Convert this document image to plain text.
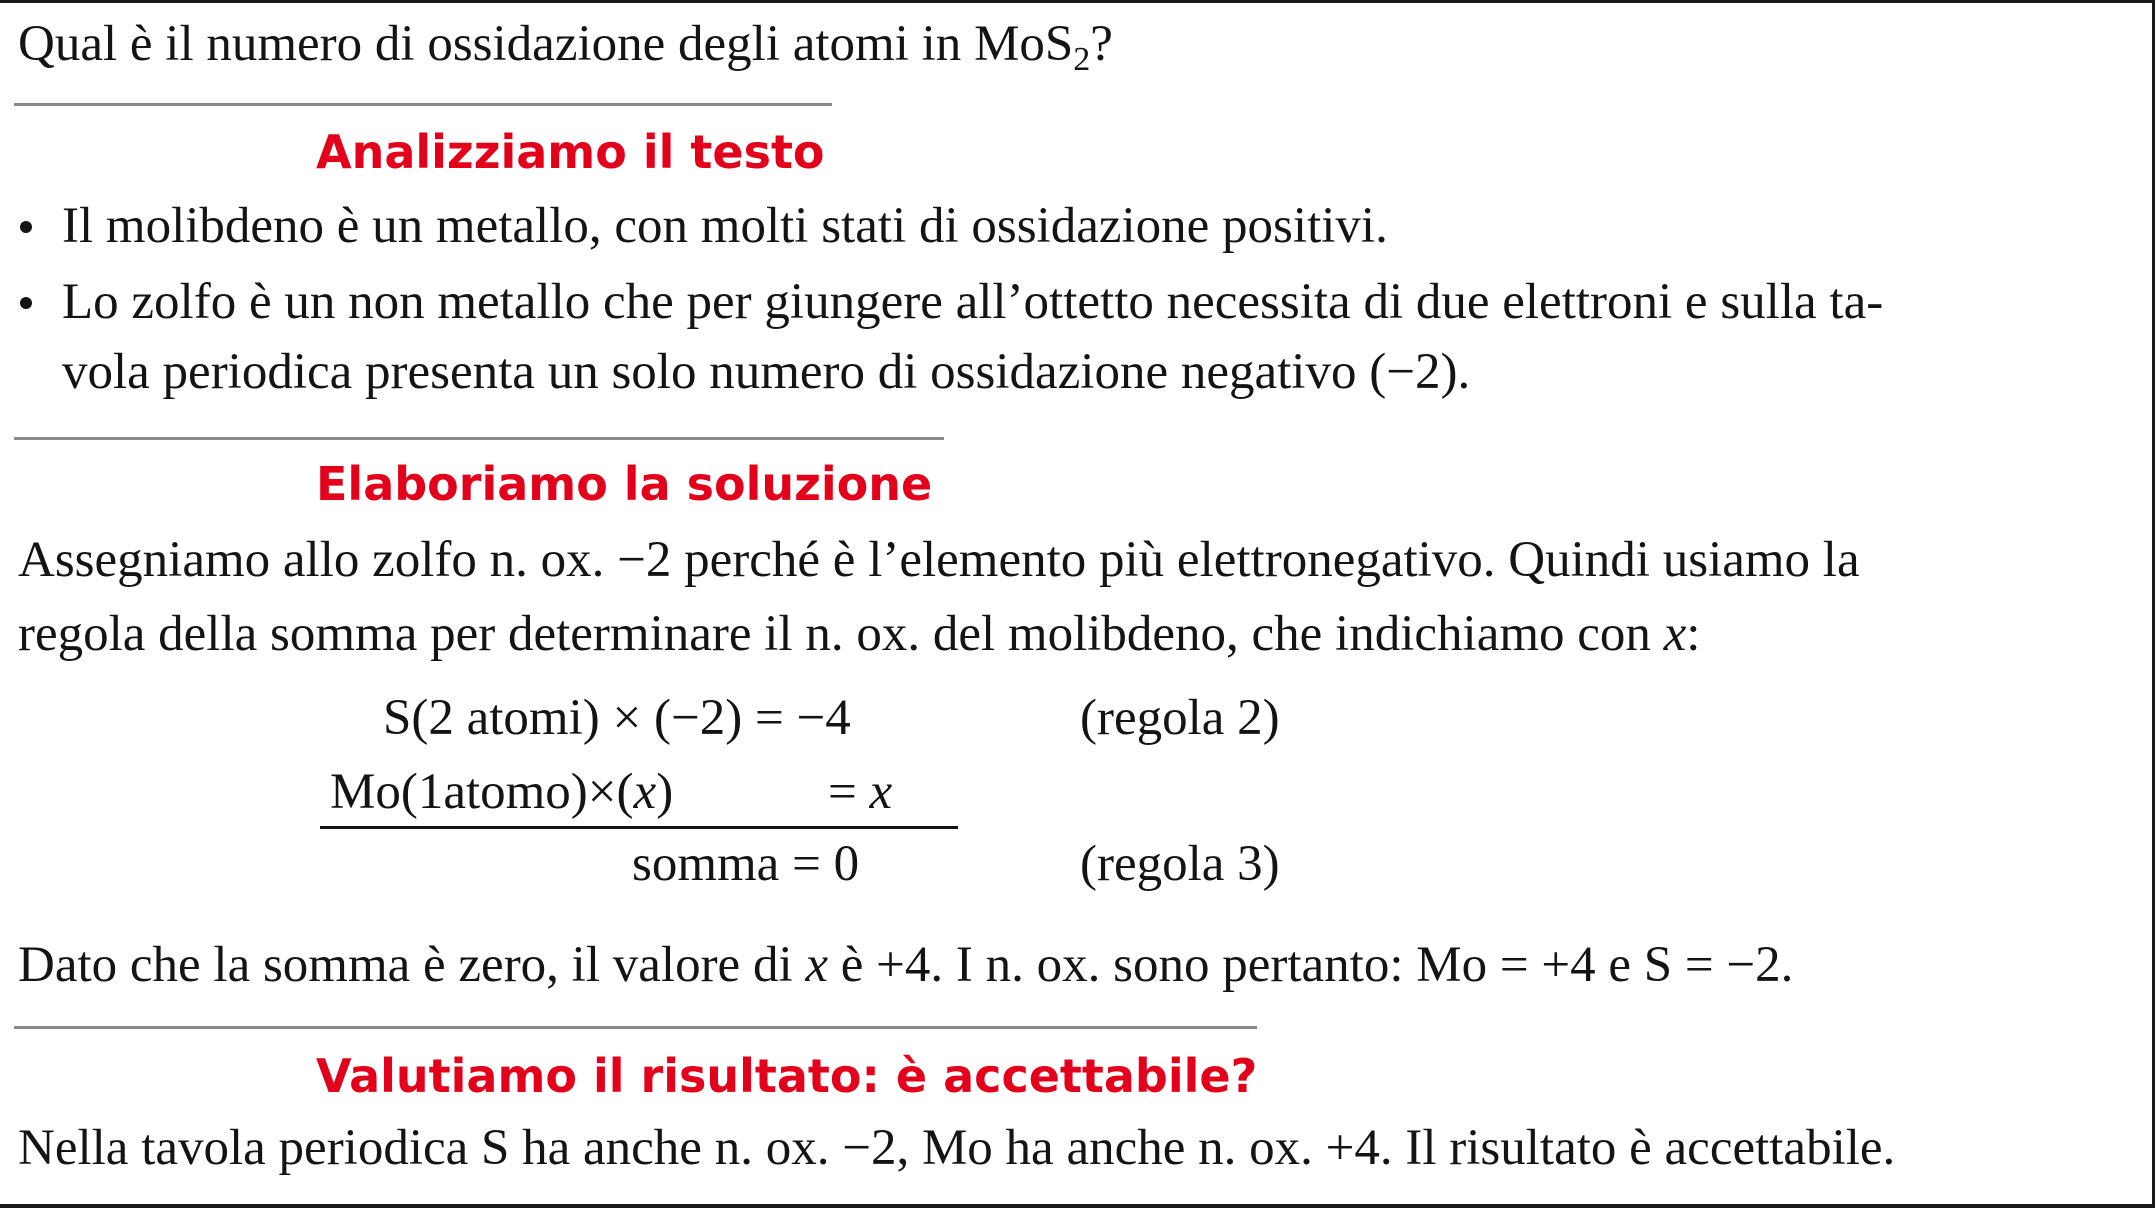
Qual è il numero di ossidazione degli atomi in MoS$_2$?
Analizziamo il testo
Il molibdeno è un metallo, con molti stati di ossidazione positivi.
Lo zolfo è un non metallo che per giungere all’ottetto necessita di due elettroni e sulla ta-
vola periodica presenta un solo numero di ossidazione negativo (−2).
Elaboriamo la soluzione
Assegniamo allo zolfo n. ox. −2 perché è l’elemento più elettronegativo. Quindi usiamo la
regola della somma per determinare il n. ox. del molibdeno, che indichiamo con x:
S(2 atomi) × (−2) = −4	(regola 2)
Mo(1atomo)×(x)	= x
somma = 0	(regola 3)
Dato che la somma è zero, il valore di x è +4. I n. ox. sono pertanto: Mo = +4 e S = −2.
Valutiamo il risultato: è accettabile?
Nella tavola periodica S ha anche n. ox. −2, Mo ha anche n. ox. +4. Il risultato è accettabile.
